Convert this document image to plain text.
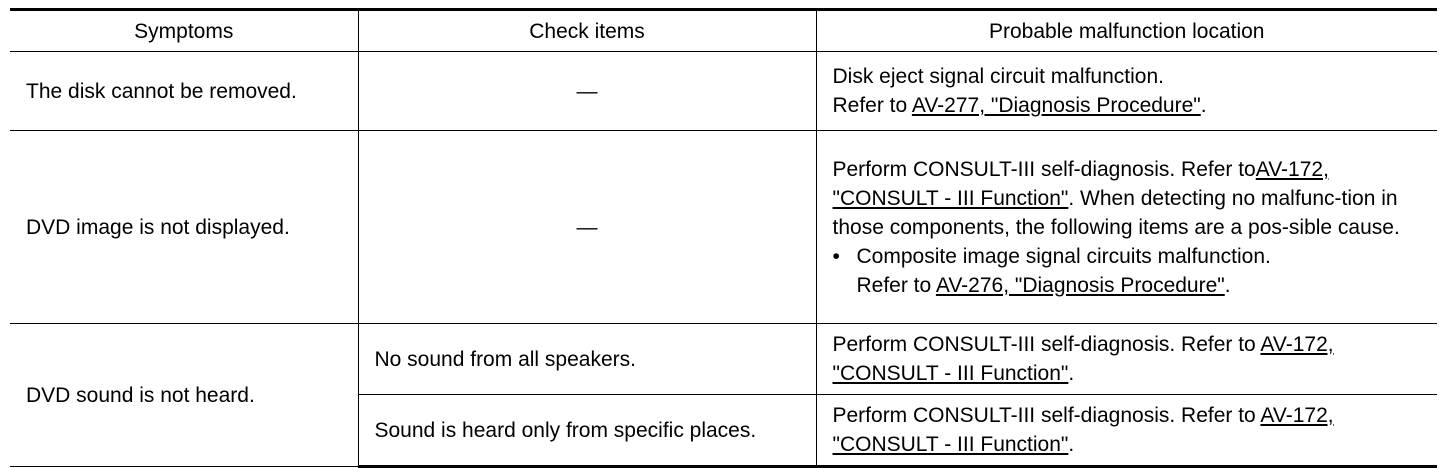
Symptoms	Check items	Probable malfunction location
The disk cannot be removed.	—	Disk eject signal circuit malfunction.
Refer to AV-277, "Diagnosis Procedure".

DVD image is not displayed.	—	Perform CONSULT-III self-diagnosis. Refer toAV-172, "CONSULT - III Function". When detecting no malfunc-tion in those components, the following items are a pos-sible cause.
• Composite image signal circuits malfunction.
Refer to AV-276, "Diagnosis Procedure".

DVD sound is not heard.	No sound from all speakers.	Perform CONSULT-III self-diagnosis. Refer to AV-172, "CONSULT - III Function".
	Sound is heard only from specific places.	Perform CONSULT-III self-diagnosis. Refer to AV-172, "CONSULT - III Function".
